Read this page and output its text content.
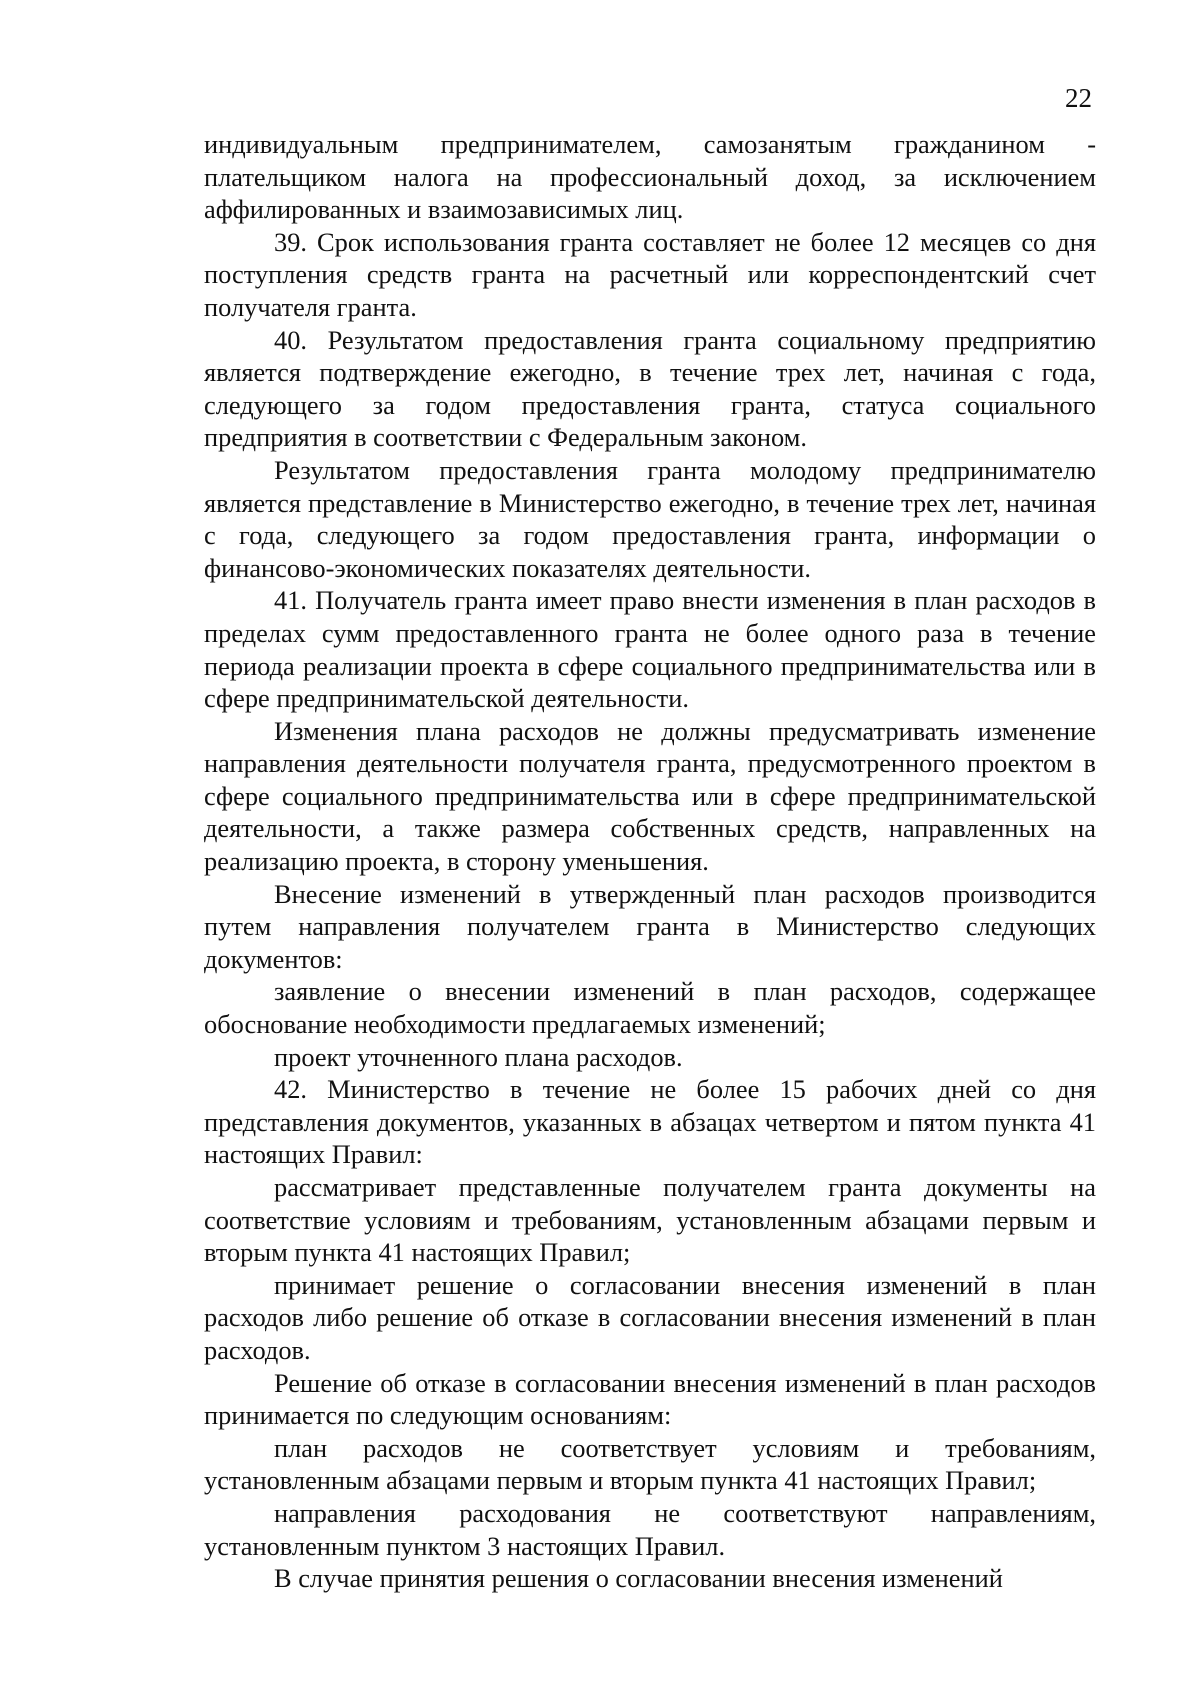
22

индивидуальным предпринимателем, самозанятым гражданином - плательщиком налога на профессиональный доход, за исключением аффилированных и взаимозависимых лиц.

39. Срок использования гранта составляет не более 12 месяцев со дня поступления средств гранта на расчетный или корреспондентский счет получателя гранта.

40. Результатом предоставления гранта социальному предприятию является подтверждение ежегодно, в течение трех лет, начиная с года, следующего за годом предоставления гранта, статуса социального предприятия в соответствии с Федеральным законом.

Результатом предоставления гранта молодому предпринимателю является представление в Министерство ежегодно, в течение трех лет, начиная с года, следующего за годом предоставления гранта, информации о финансово-экономических показателях деятельности.

41. Получатель гранта имеет право внести изменения в план расходов в пределах сумм предоставленного гранта не более одного раза в течение периода реализации проекта в сфере социального предпринимательства или в сфере предпринимательской деятельности.

Изменения плана расходов не должны предусматривать изменение направления деятельности получателя гранта, предусмотренного проектом в сфере социального предпринимательства или в сфере предпринимательской деятельности, а также размера собственных средств, направленных на реализацию проекта, в сторону уменьшения.

Внесение изменений в утвержденный план расходов производится путем направления получателем гранта в Министерство следующих документов:

заявление о внесении изменений в план расходов, содержащее обоснование необходимости предлагаемых изменений;

проект уточненного плана расходов.

42. Министерство в течение не более 15 рабочих дней со дня представления документов, указанных в абзацах четвертом и пятом пункта 41 настоящих Правил:

рассматривает представленные получателем гранта документы на соответствие условиям и требованиям, установленным абзацами первым и вторым пункта 41 настоящих Правил;

принимает решение о согласовании внесения изменений в план расходов либо решение об отказе в согласовании внесения изменений в план расходов.

Решение об отказе в согласовании внесения изменений в план расходов принимается по следующим основаниям:

план расходов не соответствует условиям и требованиям, установленным абзацами первым и вторым пункта 41 настоящих Правил;

направления расходования не соответствуют направлениям, установленным пунктом 3 настоящих Правил.

В случае принятия решения о согласовании внесения изменений
